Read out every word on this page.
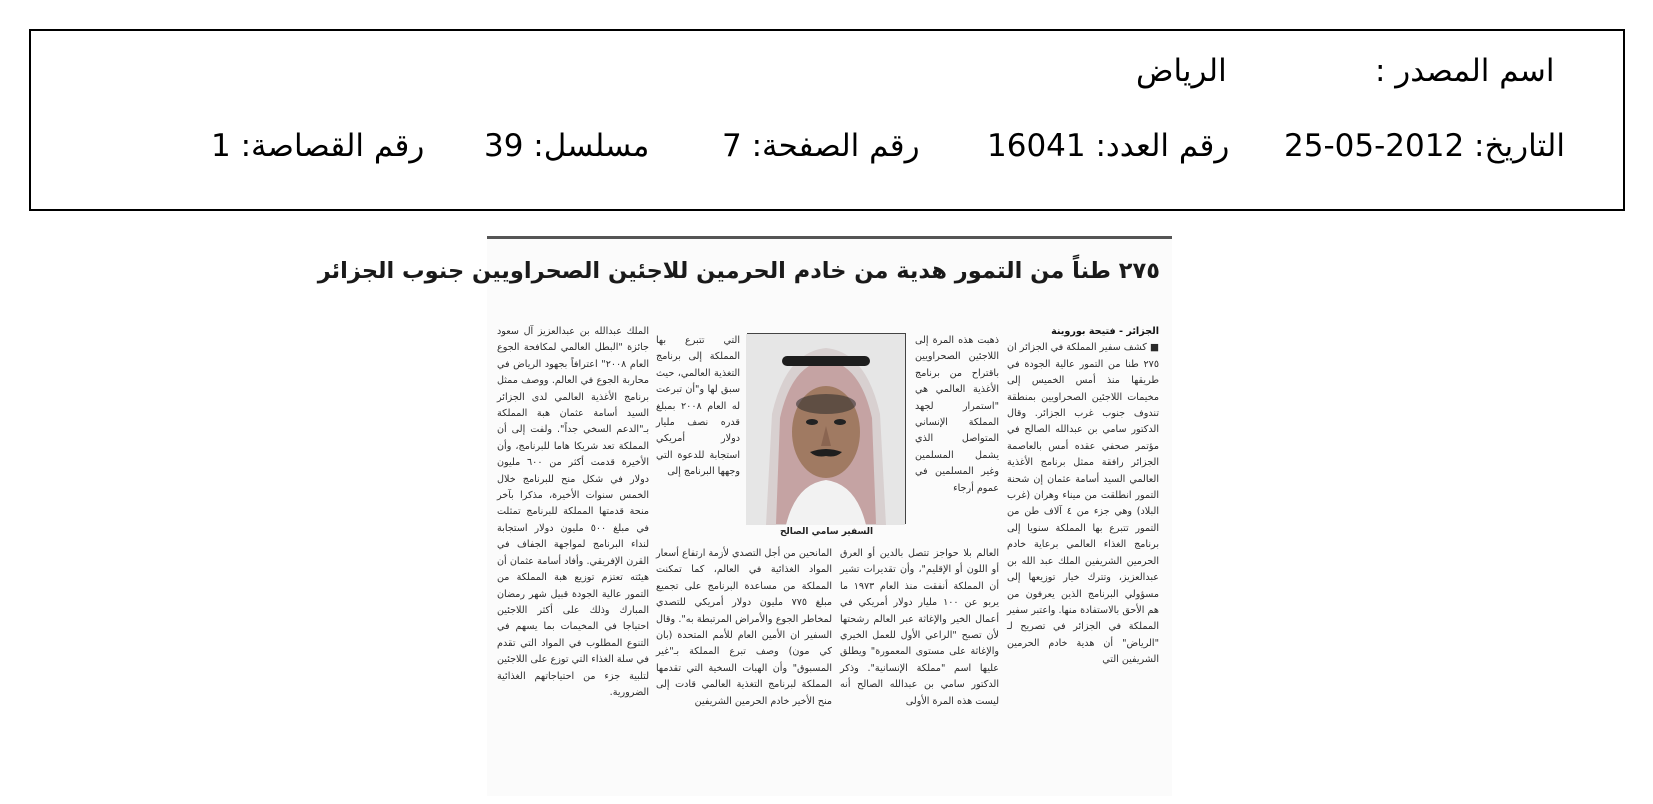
اسم المصدر :
الرياض
التاريخ: 2012-05-25
رقم العدد: 16041
رقم الصفحة: 7
مسلسل: 39
رقم القصاصة: 1
٢٧٥ طناً من التمور هدية من خادم الحرمين للاجئين الصحراويين جنوب الجزائر

الجزائر - فتيحة بوروينة

■ كشف سفير المملكة في الجزائر ان ٢٧٥ طنا من التمور عالية الجودة في طريقها منذ أمس الخميس إلى مخيمات اللاجئين الصحراويين بمنطقة تندوف جنوب غرب الجزائر. وقال الدكتور سامي بن عبدالله الصالح في مؤتمر صحفي عقده أمس بالعاصمة الجزائر رافقة ممثل برنامج الأغذية العالمي السيد أسامة عثمان إن شحنة التمور انطلقت من ميناء وهران (غرب البلاد) وهي جزء من ٤ آلاف طن من التمور تتبرع بها المملكة سنويا إلى برنامج الغذاء العالمي برعاية خادم الحرمين الشريفين الملك عبد الله بن عبدالعزيز، وتترك خيار توزيعها إلى مسؤولي البرنامج الذين يعرفون من هم الأحق بالاستفادة منها. واعتبر سفير المملكة في الجزائر في تصريح لـ "الرياض" أن هدية خادم الحرمين الشريفين التي

ذهبت هذه المرة إلى اللاجئين الصحراويين باقتراح من برنامج الأغذية العالمي هي "استمرار لجهد المملكة الإنساني المتواصل الذي يشمل المسلمين وغير المسلمين في عموم أرجاء

التي تتبرع بها المملكة إلى برنامج التغذية العالمي، حيث سبق لها و"أن تبرعت له العام ٢٠٠٨ بمبلغ قدره نصف مليار دولار أمريكي استجابة للدعوة التي وجهها البرنامج إلى

السفير سامي الصالح

العالم بلا حواجز تتصل بالدين أو العرق أو اللون أو الإقليم"، وأن تقديرات تشير أن المملكة أنفقت منذ العام ١٩٧٣ ما يربو عن ١٠٠ مليار دولار أمريكي في أعمال الخير والإغاثة عبر العالم رشحتها لأن تصبح "الراعي الأول للعمل الخيري والإغاثة على مستوى المعمورة" ويطلق عليها اسم "مملكة الإنسانية". وذكر الدكتور سامي بن عبدالله الصالح أنه ليست هذه المرة الأولى

المانحين من أجل التصدي لأزمة ارتفاع أسعار المواد الغذائية في العالم، كما تمكنت المملكة من مساعدة البرنامج على تجميع مبلغ ٧٧٥ مليون دولار أمريكي للتصدي لمخاطر الجوع والأمراض المرتبطة به". وقال السفير ان الأمين العام للأمم المتحدة (بان كي مون) وصف تبرع المملكة بـ"غير المسبوق" وأن الهبات السخية التي تقدمها المملكة لبرنامج التغذية العالمي قادت إلى منح الأخير خادم الحرمين الشريفين

الملك عبدالله بن عبدالعزيز آل سعود جائزة "البطل العالمي لمكافحة الجوع العام ٢٠٠٨" اعترافاً بجهود الرياض في محاربة الجوع في العالم. ووصف ممثل برنامج الأغذية العالمي لدى الجزائر السيد أسامة عثمان هبة المملكة بـ"الدعم السخي جداً". ولفت إلى أن المملكة تعد شريكا هاما للبرنامج، وأن الأخيرة قدمت أكثر من ٦٠٠ مليون دولار في شكل منح للبرنامج خلال الخمس سنوات الأخيرة، مذكرا بآخر منحة قدمتها المملكة للبرنامج تمثلت في مبلغ ٥٠٠ مليون دولار استجابة لنداء البرنامج لمواجهة الجفاف في القرن الإفريقي. وأفاد أسامة عثمان أن هيئته تعتزم توزيع هبة المملكة من التمور عالية الجودة قبيل شهر رمضان المبارك وذلك على أكثر اللاجئين احتياجا في المخيمات بما يسهم في التنوع المطلوب في المواد التي تقدم في سلة الغذاء التي توزع على اللاجئين لتلبية جزء من احتياجاتهم الغذائية الضرورية.
